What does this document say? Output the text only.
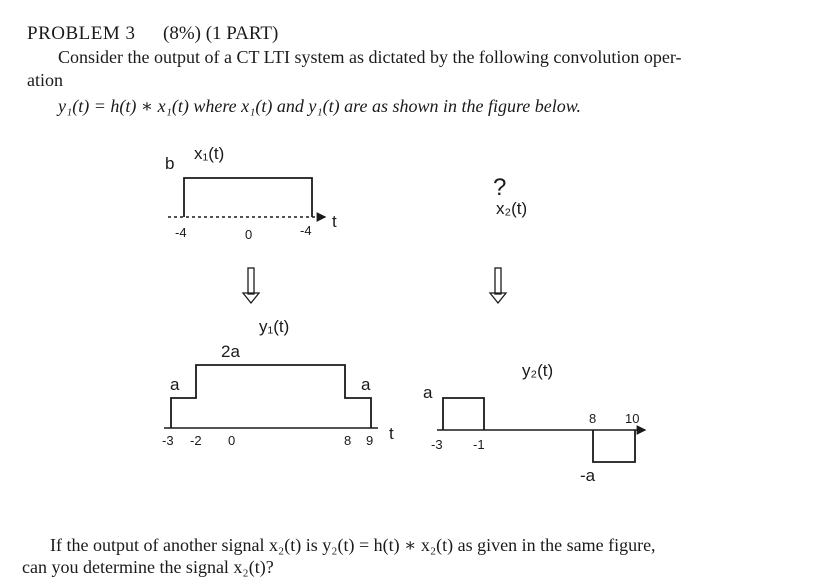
PROBLEM 3 (8%) (1 PART)
Consider the output of a CT LTI system as dictated by the following convolution oper-
ation
y₁(t) = h(t) ∗ x₁(t) where x₁(t) and y₁(t) are as shown in the figure below.
x₁(t)
b
t
-4	0	-4
?
x₂(t)
y₁(t)
2a
a	a
t
-3 -2 0	8 9
y₂(t)
a
-a
-3 -1
8 10
If the output of another signal x₂(t) is y₂(t) = h(t) ∗ x₂(t) as given in the same figure,
can you determine the signal x₂(t)?
